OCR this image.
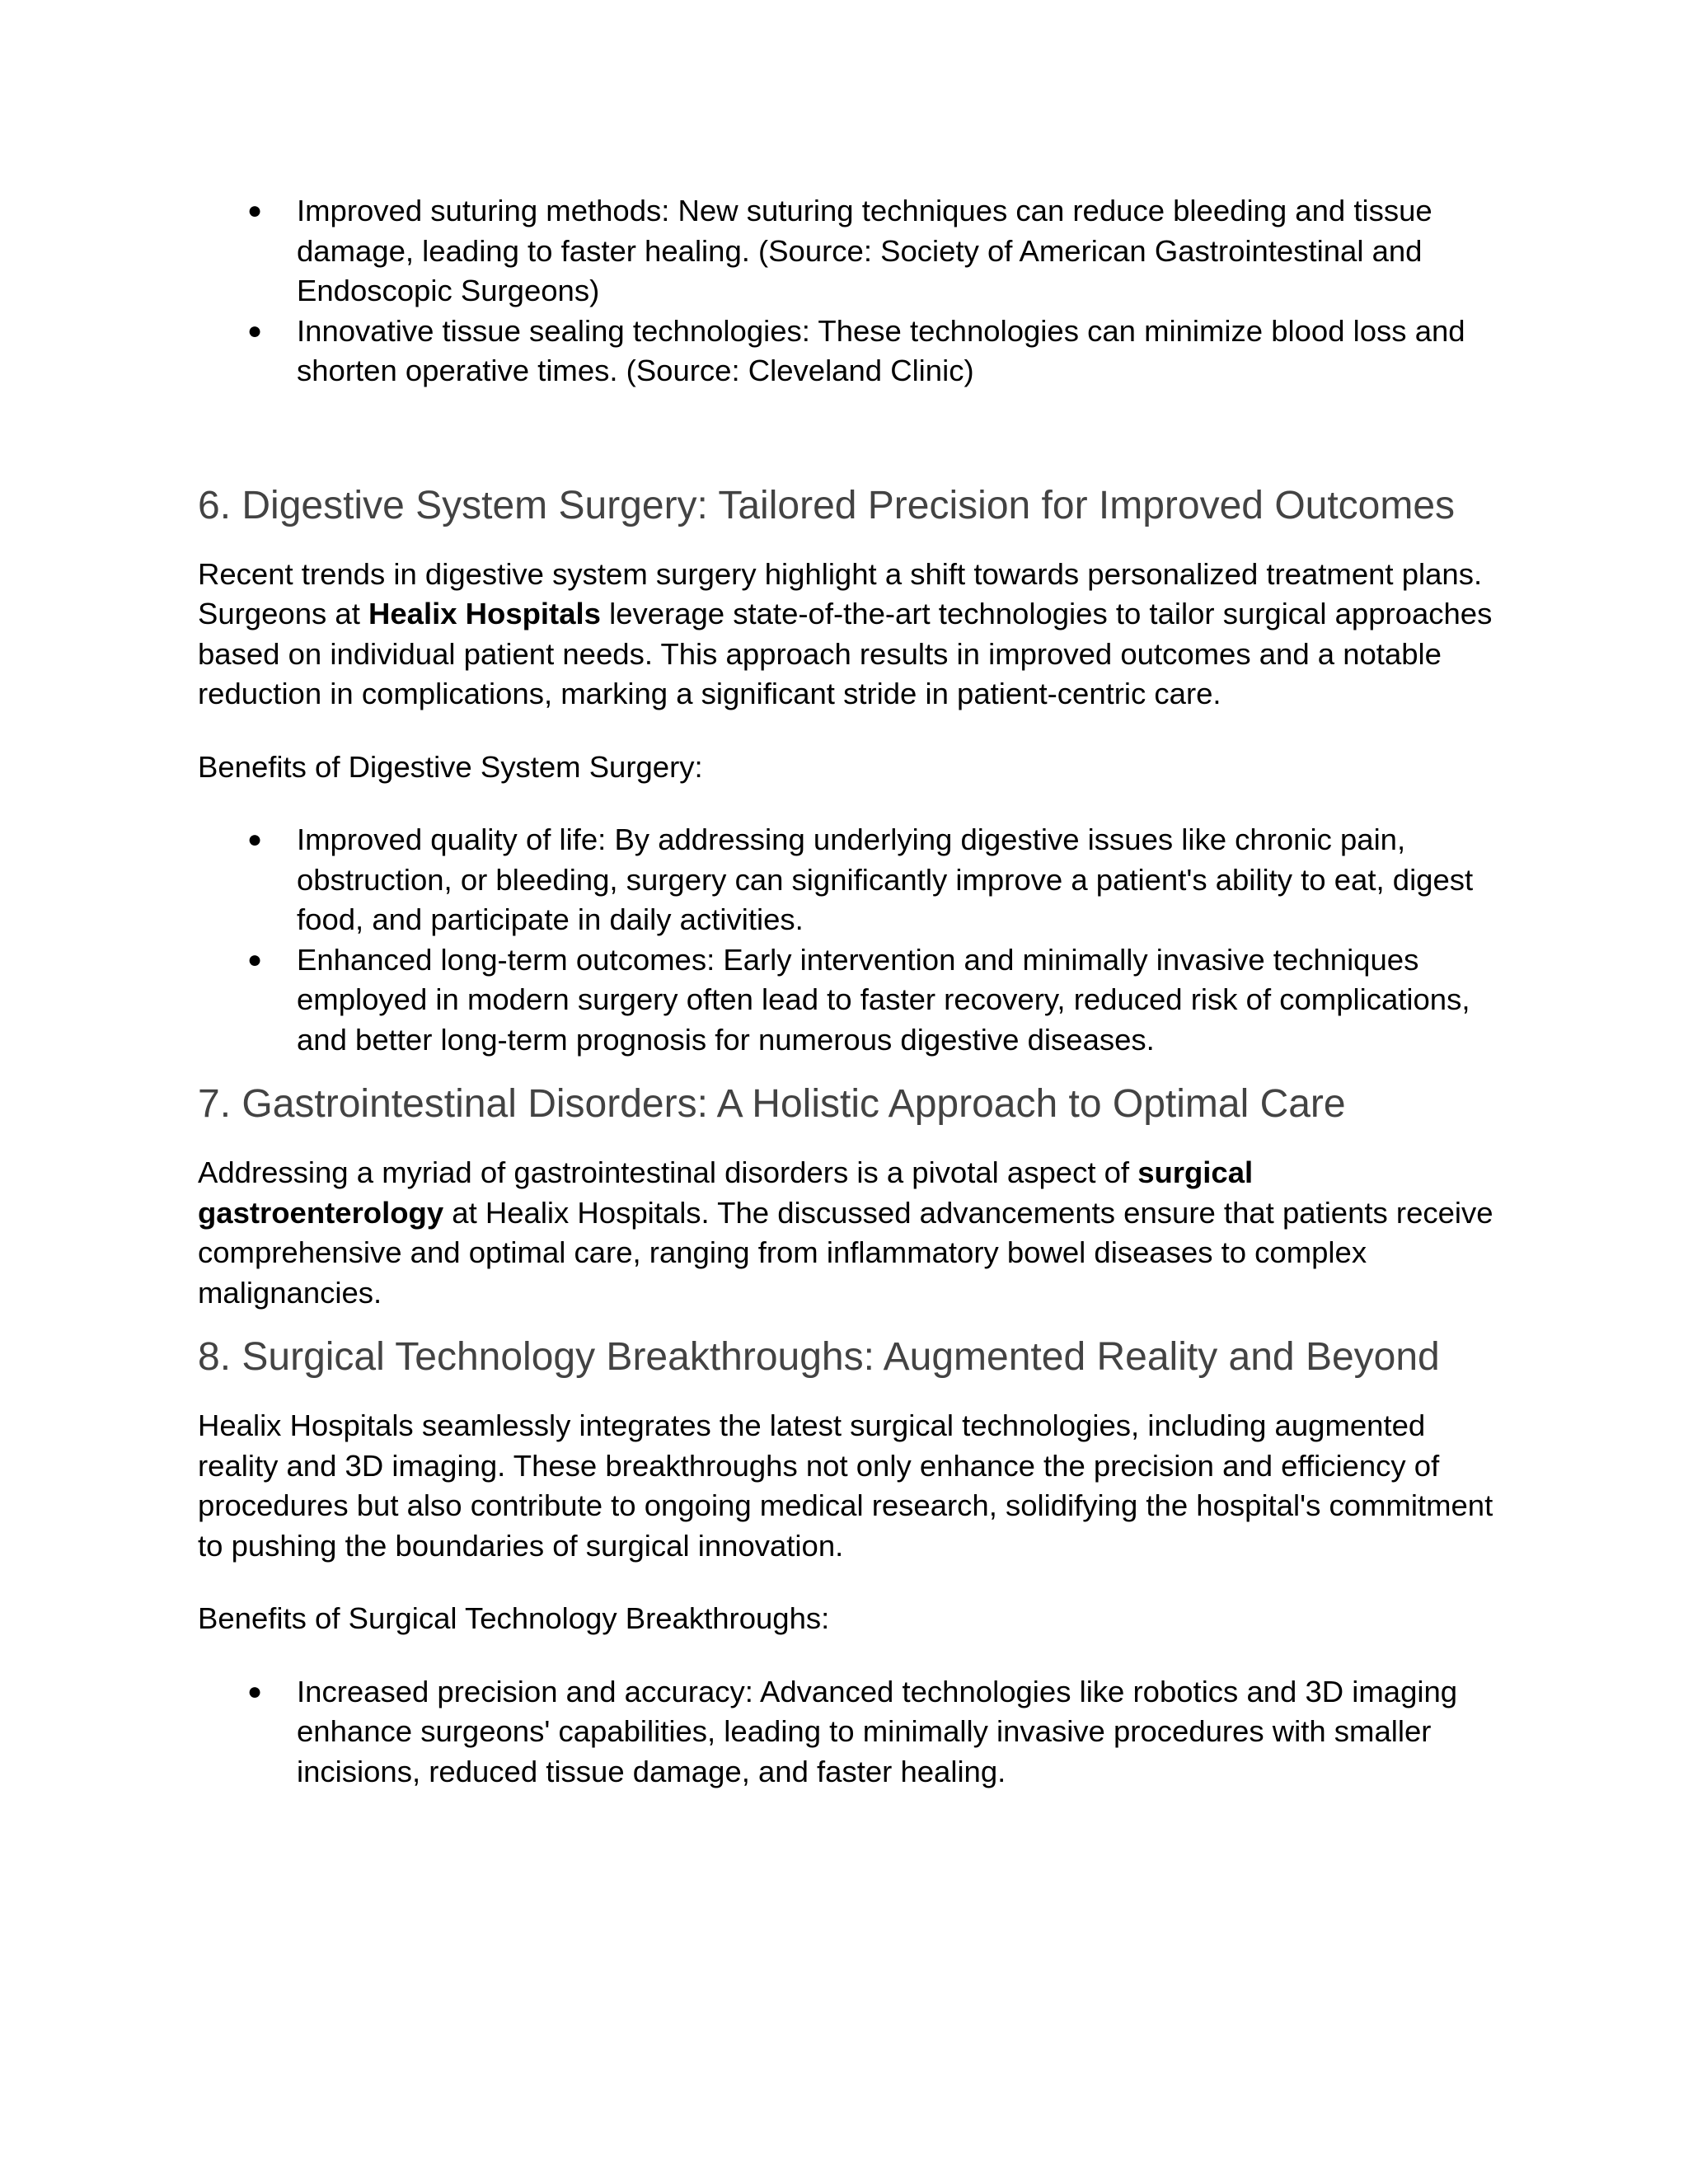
● Improved suturing methods: New suturing techniques can reduce bleeding and tissue damage, leading to faster healing. (Source: Society of American Gastrointestinal and Endoscopic Surgeons)
● Innovative tissue sealing technologies: These technologies can minimize blood loss and shorten operative times. (Source: Cleveland Clinic)
6. Digestive System Surgery: Tailored Precision for Improved Outcomes

Recent trends in digestive system surgery highlight a shift towards personalized treatment plans. Surgeons at Healix Hospitals leverage state-of-the-art technologies to tailor surgical approaches based on individual patient needs. This approach results in improved outcomes and a notable reduction in complications, marking a significant stride in patient-centric care.

Benefits of Digestive System Surgery:

● Improved quality of life: By addressing underlying digestive issues like chronic pain, obstruction, or bleeding, surgery can significantly improve a patient's ability to eat, digest food, and participate in daily activities.
● Enhanced long-term outcomes: Early intervention and minimally invasive techniques employed in modern surgery often lead to faster recovery, reduced risk of complications, and better long-term prognosis for numerous digestive diseases.
7. Gastrointestinal Disorders: A Holistic Approach to Optimal Care

Addressing a myriad of gastrointestinal disorders is a pivotal aspect of surgical gastroenterology at Healix Hospitals. The discussed advancements ensure that patients receive comprehensive and optimal care, ranging from inflammatory bowel diseases to complex malignancies.

8. Surgical Technology Breakthroughs: Augmented Reality and Beyond

Healix Hospitals seamlessly integrates the latest surgical technologies, including augmented reality and 3D imaging. These breakthroughs not only enhance the precision and efficiency of procedures but also contribute to ongoing medical research, solidifying the hospital's commitment to pushing the boundaries of surgical innovation.

Benefits of Surgical Technology Breakthroughs:

● Increased precision and accuracy: Advanced technologies like robotics and 3D imaging enhance surgeons' capabilities, leading to minimally invasive procedures with smaller incisions, reduced tissue damage, and faster healing.
